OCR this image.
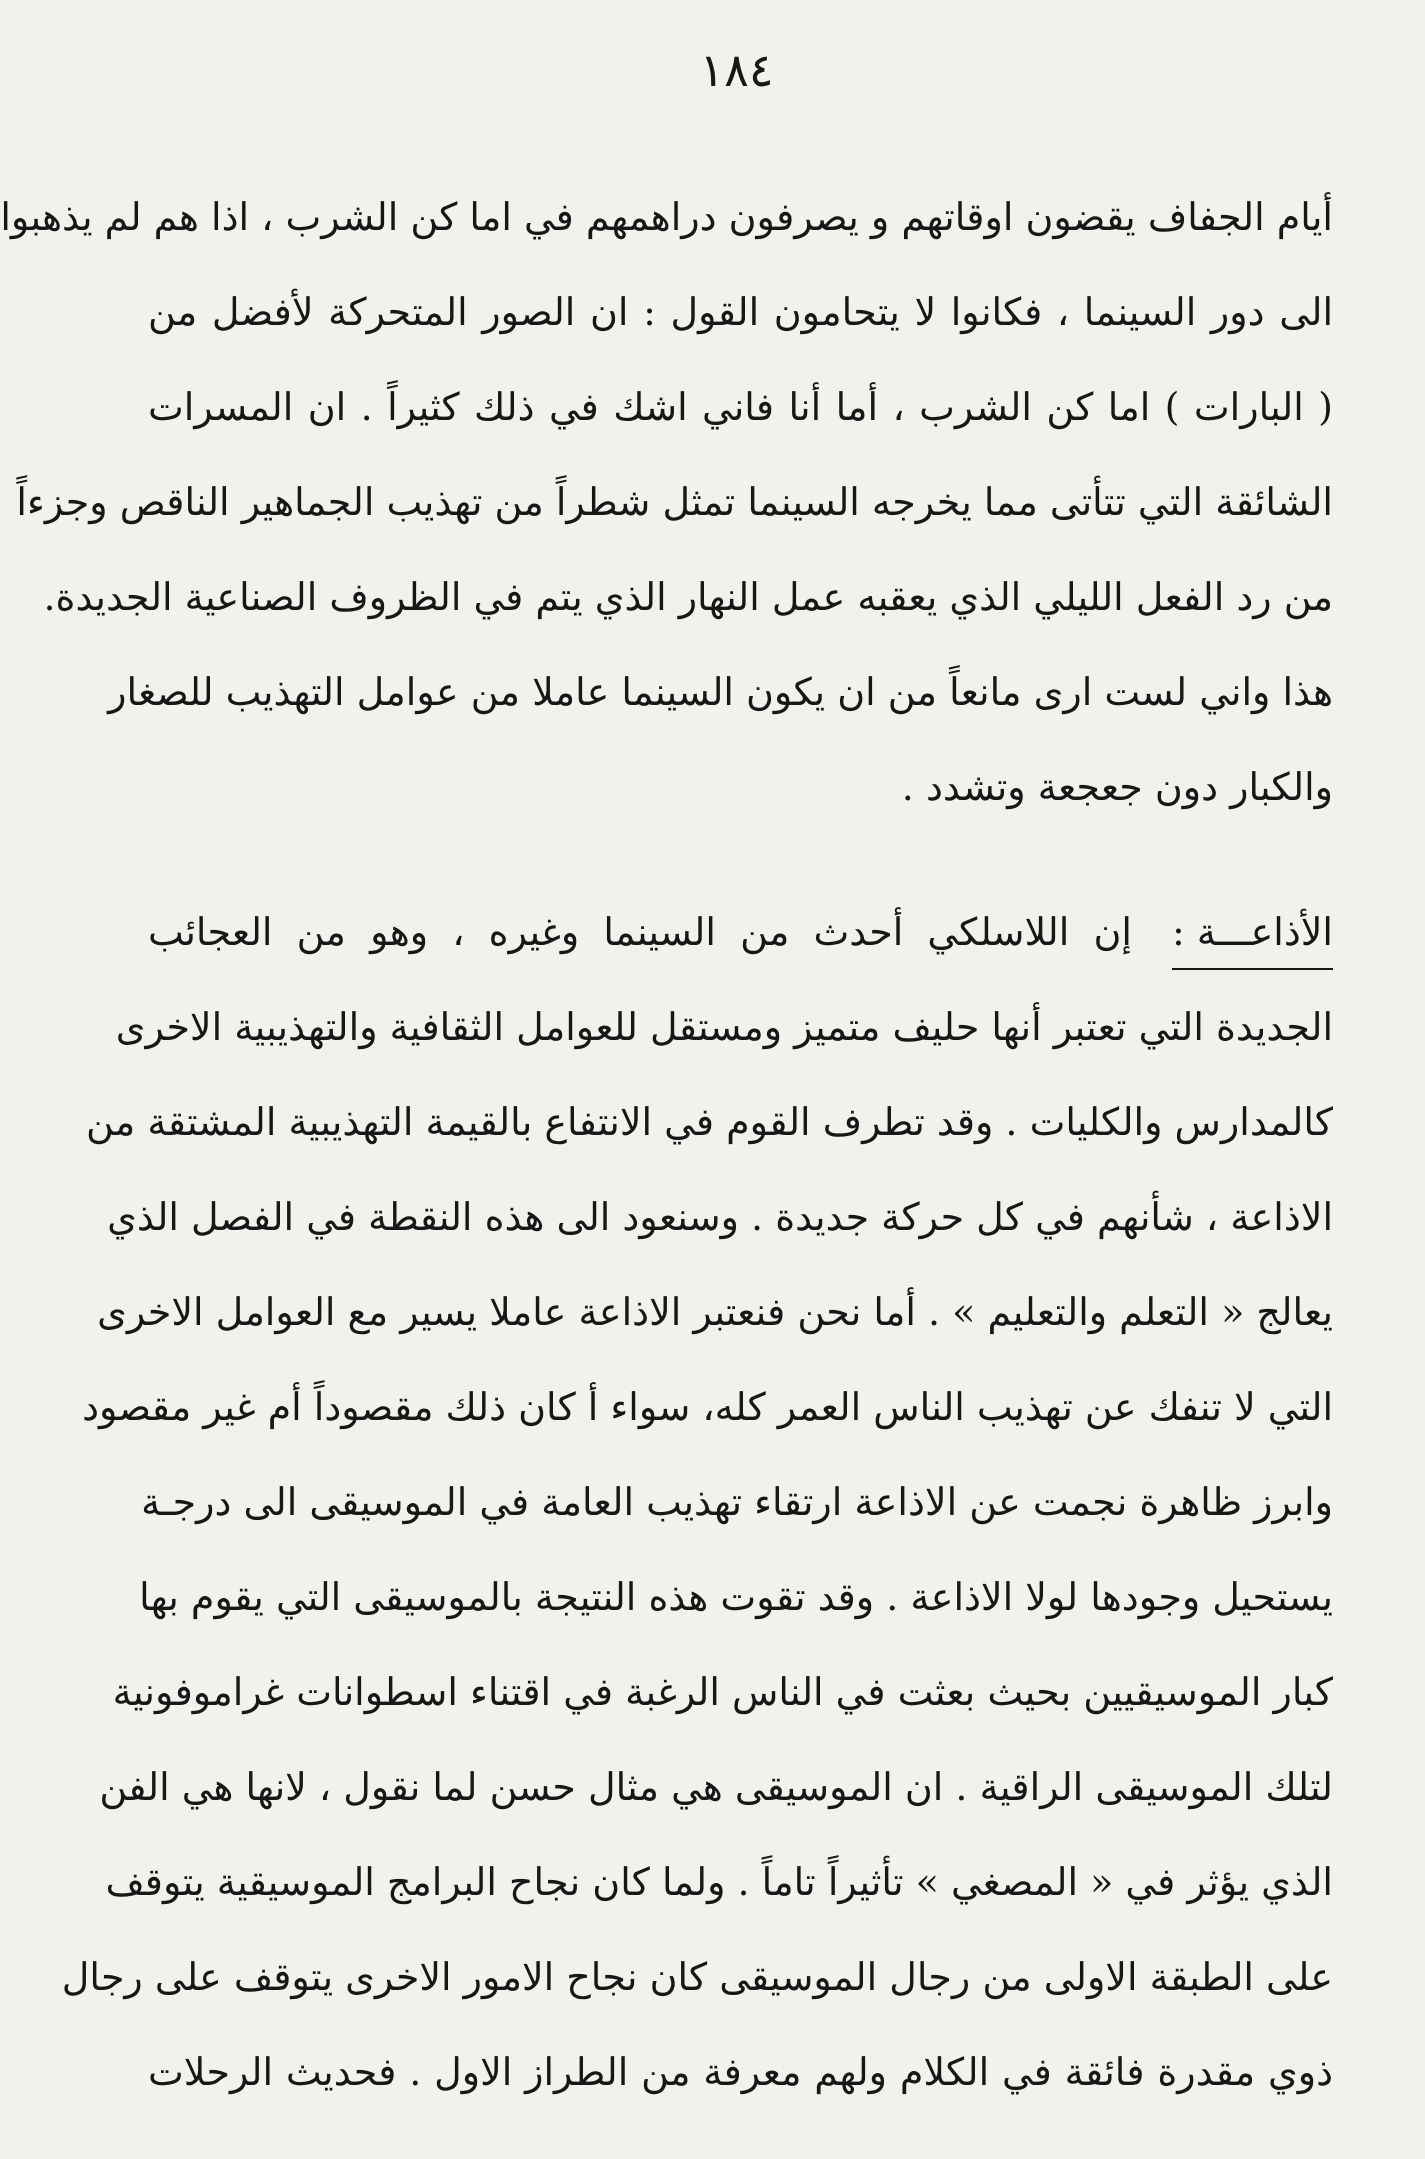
١٨٤
أيام الجفاف يقضون اوقاتهم و يصرفون دراهمهم في اما كن الشرب ، اذا هم لم يذهبوا
الى دور السينما ، فكانوا لا يتحامون القول : ان الصور المتحركة لأفضل من
( البارات ) اما كن الشرب ، أما أنا فاني اشك في ذلك كثيراً . ان المسرات
الشائقة التي تتأتى مما يخرجه السينما تمثل شطراً من تهذيب الجماهير الناقص وجزءاً
من رد الفعل الليلي الذي يعقبه عمل النهار الذي يتم في الظروف الصناعية الجديدة.
هذا واني لست ارى مانعاً من ان يكون السينما عاملا من عوامل التهذيب للصغار
والكبار دون جعجعة وتشدد .
الأذاعـــة :
إن اللاسلكي أحدث من السينما وغيره ، وهو من العجائب
الجديدة التي تعتبر أنها حليف متميز ومستقل للعوامل الثقافية والتهذيبية الاخرى
كالمدارس والكليات . وقد تطرف القوم في الانتفاع بالقيمة التهذيبية المشتقة من
الاذاعة ، شأنهم في كل حركة جديدة . وسنعود الى هذه النقطة في الفصل الذي
يعالج « التعلم والتعليم » . أما نحن فنعتبر الاذاعة عاملا يسير مع العوامل الاخرى
التي لا تنفك عن تهذيب الناس العمر كله، سواء أ كان ذلك مقصوداً أم غير مقصود
وابرز ظاهرة نجمت عن الاذاعة ارتقاء تهذيب العامة في الموسيقى الى درجـة
يستحيل وجودها لولا الاذاعة . وقد تقوت هذه النتيجة بالموسيقى التي يقوم بها
كبار الموسيقيين بحيث بعثت في الناس الرغبة في اقتناء اسطوانات غراموفونية
لتلك الموسيقى الراقية . ان الموسيقى هي مثال حسن لما نقول ، لانها هي الفن
الذي يؤثر في « المصغي » تأثيراً تاماً . ولما كان نجاح البرامج الموسيقية يتوقف
على الطبقة الاولى من رجال الموسيقى كان نجاح الامور الاخرى يتوقف على رجال
ذوي مقدرة فائقة في الكلام ولهم معرفة من الطراز الاول . فحديث الرحلات
